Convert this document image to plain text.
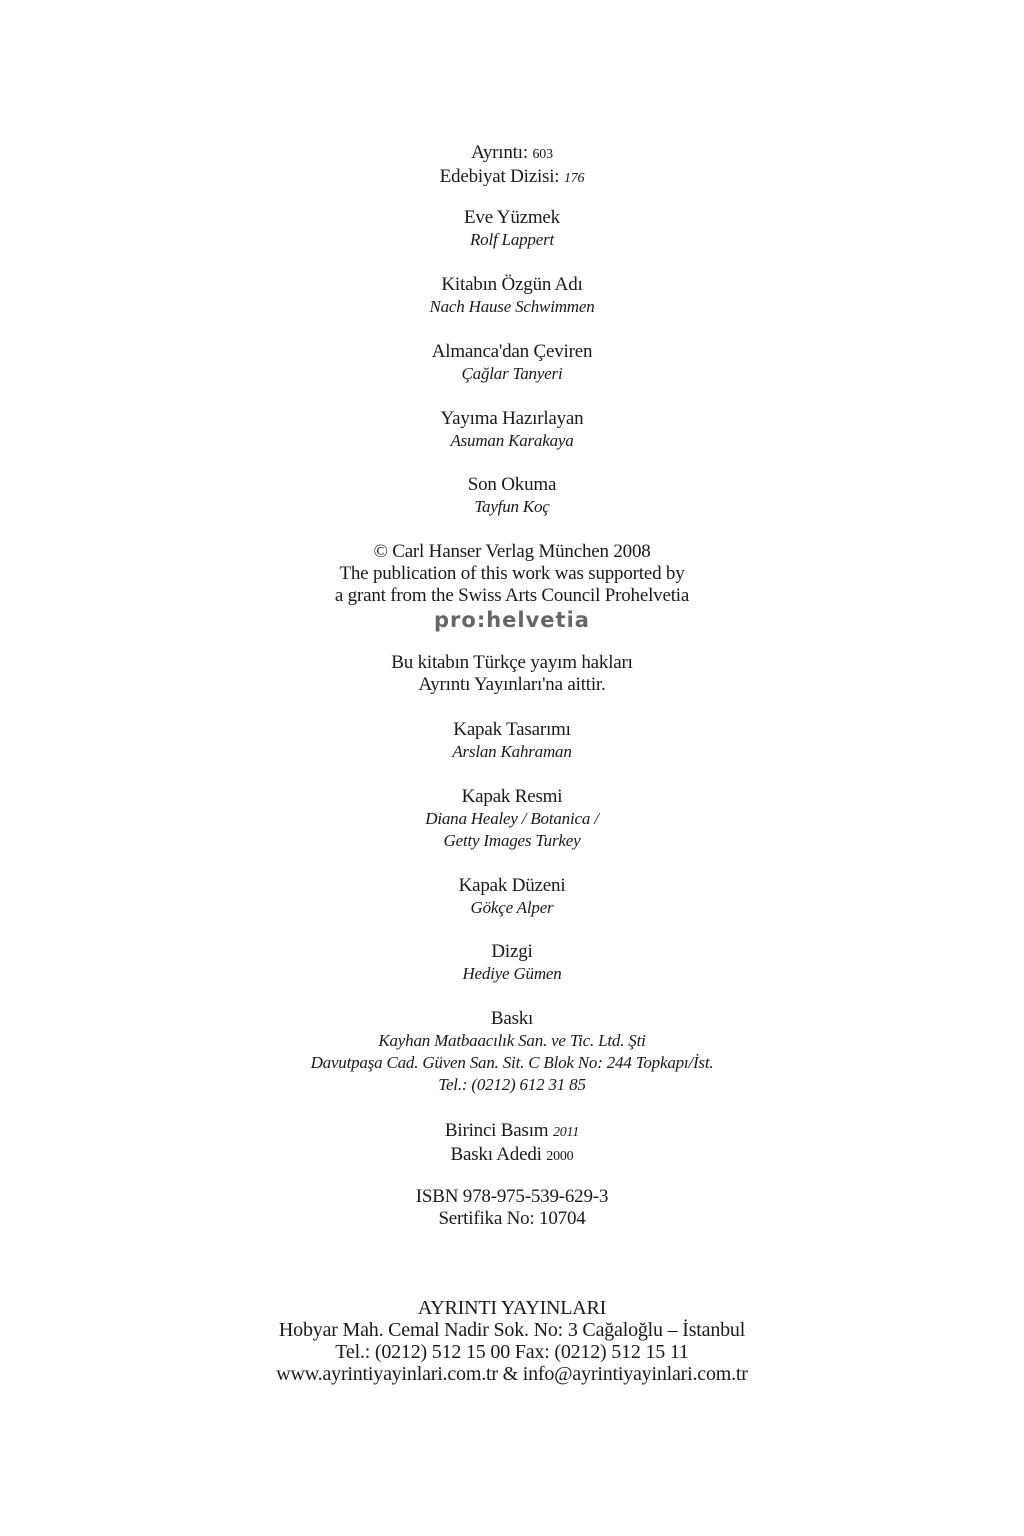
Ayrıntı: 603
Edebiyat Dizisi: 176
Eve Yüzmek
Rolf Lappert
Kitabın Özgün Adı
Nach Hause Schwimmen
Almanca'dan Çeviren
Çağlar Tanyeri
Yayıma Hazırlayan
Asuman Karakaya
Son Okuma
Tayfun Koç
© Carl Hanser Verlag München 2008
The publication of this work was supported by
a grant from the Swiss Arts Council Prohelvetia
pro:helvetia
Bu kitabın Türkçe yayım hakları
Ayrıntı Yayınları'na aittir.
Kapak Tasarımı
Arslan Kahraman
Kapak Resmi
Diana Healey / Botanica /
Getty Images Turkey
Kapak Düzeni
Gökçe Alper
Dizgi
Hediye Gümen
Baskı
Kayhan Matbaacılık San. ve Tic. Ltd. Şti
Davutpaşa Cad. Güven San. Sit. C Blok No: 244 Topkapı/İst.
Tel.: (0212) 612 31 85
Birinci Basım 2011
Baskı Adedi 2000
ISBN 978-975-539-629-3
Sertifika No: 10704
AYRINTI YAYINLARI
Hobyar Mah. Cemal Nadir Sok. No: 3 Cağaloğlu – İstanbul
Tel.: (0212) 512 15 00 Fax: (0212) 512 15 11
www.ayrintiyayinlari.com.tr & info@ayrintiyayinlari.com.tr
